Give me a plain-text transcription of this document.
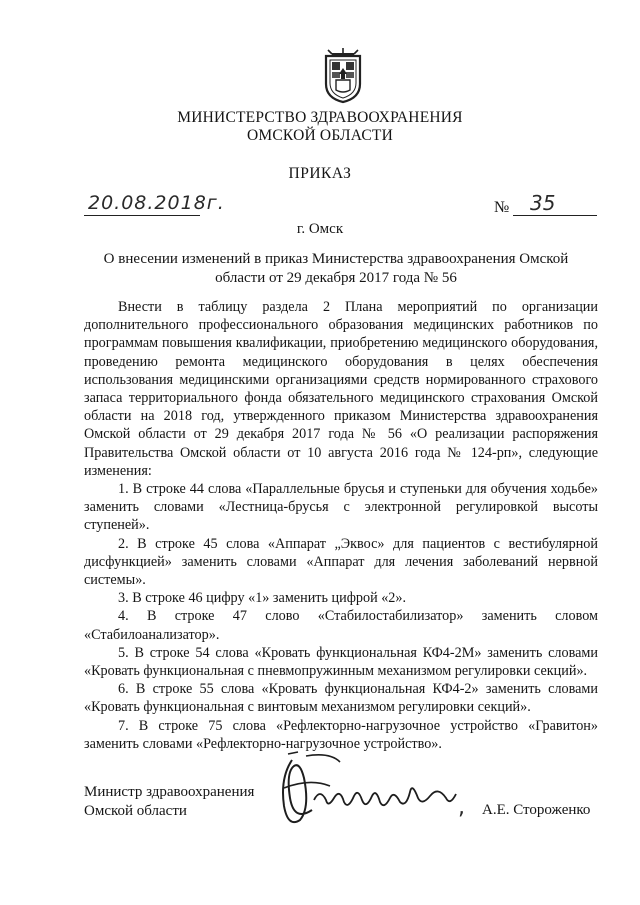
МИНИСТЕРСТВО ЗДРАВООХРАНЕНИЯ
ОМСКОЙ ОБЛАСТИ
ПРИКАЗ
20.08.2018г.	№ 35
г. Омск
О внесении изменений в приказ Министерства здравоохранения Омской области от 29 декабря 2017 года № 56

Внести в таблицу раздела 2 Плана мероприятий по организации дополнительного профессионального образования медицинских работников по программам повышения квалификации, приобретению медицинского оборудования, проведению ремонта медицинского оборудования в целях обеспечения использования медицинскими организациями средств нормированного страхового запаса территориального фонда обязательного медицинского страхования Омской области на 2018 год, утвержденного приказом Министерства здравоохранения Омской области от 29 декабря 2017 года № 56 «О реализации распоряжения Правительства Омской области от 10 августа 2016 года № 124-рп», следующие изменения:

1. В строке 44 слова «Параллельные брусья и ступеньки для обучения ходьбе» заменить словами «Лестница-брусья с электронной регулировкой высоты ступеней».

2. В строке 45 слова «Аппарат „Эквос» для пациентов с вестибулярной дисфункцией» заменить словами «Аппарат для лечения заболеваний нервной системы».

3. В строке 46 цифру «1» заменить цифрой «2».

4. В строке 47 слово «Стабилостабилизатор» заменить словом «Стабилоанализатор».

5. В строке 54 слова «Кровать функциональная КФ4-2М» заменить словами «Кровать функциональная с пневмопружинным механизмом регулировки секций».

6. В строке 55 слова «Кровать функциональная КФ4-2» заменить словами «Кровать функциональная с винтовым механизмом регулировки секций».

7. В строке 75 слова «Рефлекторно-нагрузочное устройство «Гравитон» заменить словами «Рефлекторно-нагрузочное устройство».

Министр здравоохранения
Омской области	, А.Е. Стороженко
